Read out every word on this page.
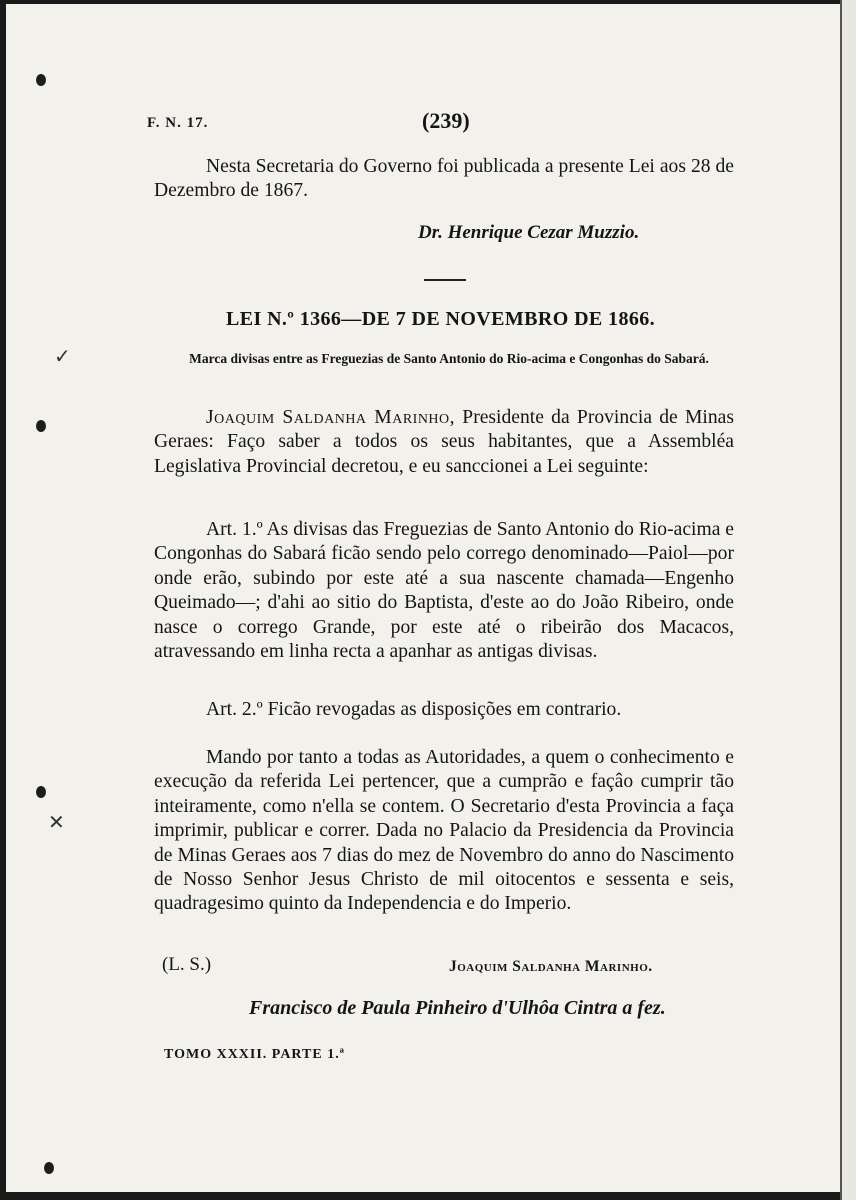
✓
✕
F. N. 17.	(239)
Nesta Secretaria do Governo foi publicada a presente Lei aos 28 de Dezembro de 1867.
Dr. Henrique Cezar Muzzio.
LEI N.º 1366—DE 7 DE NOVEMBRO DE 1866.
Marca divisas entre as Freguezias de Santo Antonio do Rio-acima e Congonhas do Sabará.
Joaquim Saldanha Marinho, Presidente da Provincia de Minas Geraes: Faço saber a todos os seus habitantes, que a Assembléa Legislativa Provincial decretou, e eu sanccionei a Lei seguinte:
Art. 1.º As divisas das Freguezias de Santo Antonio do Rio-acima e Congonhas do Sabará ficão sendo pelo corrego denominado—Paiol—por onde erão, subindo por este até a sua nascente chamada—Engenho Queimado—; d'ahi ao sitio do Baptista, d'este ao do João Ribeiro, onde nasce o corrego Grande, por este até o ribeirão dos Macacos, atravessando em linha recta a apanhar as antigas divisas.
Art. 2.º Ficão revogadas as disposições em contrario.
Mando por tanto a todas as Autoridades, a quem o conhecimento e execução da referida Lei pertencer, que a cumprão e façâo cumprir tão inteiramente, como n'ella se contem. O Secretario d'esta Provincia a faça imprimir, publicar e correr. Dada no Palacio da Presidencia da Provincia de Minas Geraes aos 7 dias do mez de Novembro do anno do Nascimento de Nosso Senhor Jesus Christo de mil oitocentos e sessenta e seis, quadragesimo quinto da Independencia e do Imperio.
(L. S.)	Joaquim Saldanha Marinho.
Francisco de Paula Pinheiro d'Ulhôa Cintra a fez.
TOMO XXXII. PARTE 1.ª
